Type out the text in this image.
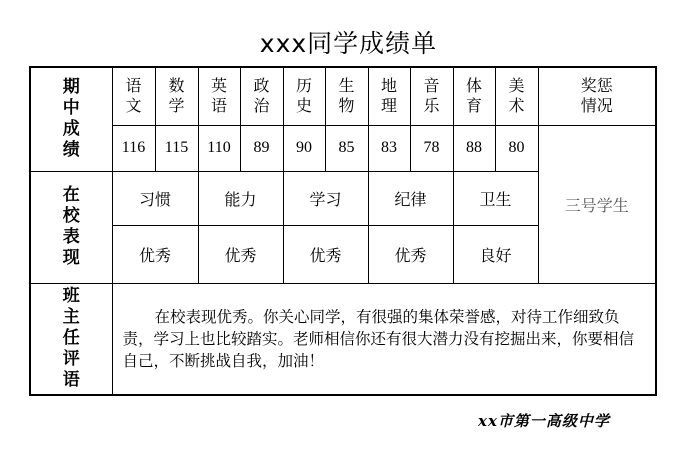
xxx同学成绩单
期中成绩	语文	数学	英语	政治	历史	生物	地理	音乐	体育	美术	奖惩情况
	116	115	110	89	90	85	83	78	88	80	三号学生
在校表现	习惯		能力		学习		纪律		卫生		
	优秀		优秀		优秀		优秀		良好		
班主任评语	在校表现优秀。你关心同学，有很强的集体荣誉感，对待工作细致负责，学习上也比较踏实。老师相信你还有很大潜力没有挖掘出来，你要相信自己，不断挑战自我，加油！										
xx市第一高级中学
